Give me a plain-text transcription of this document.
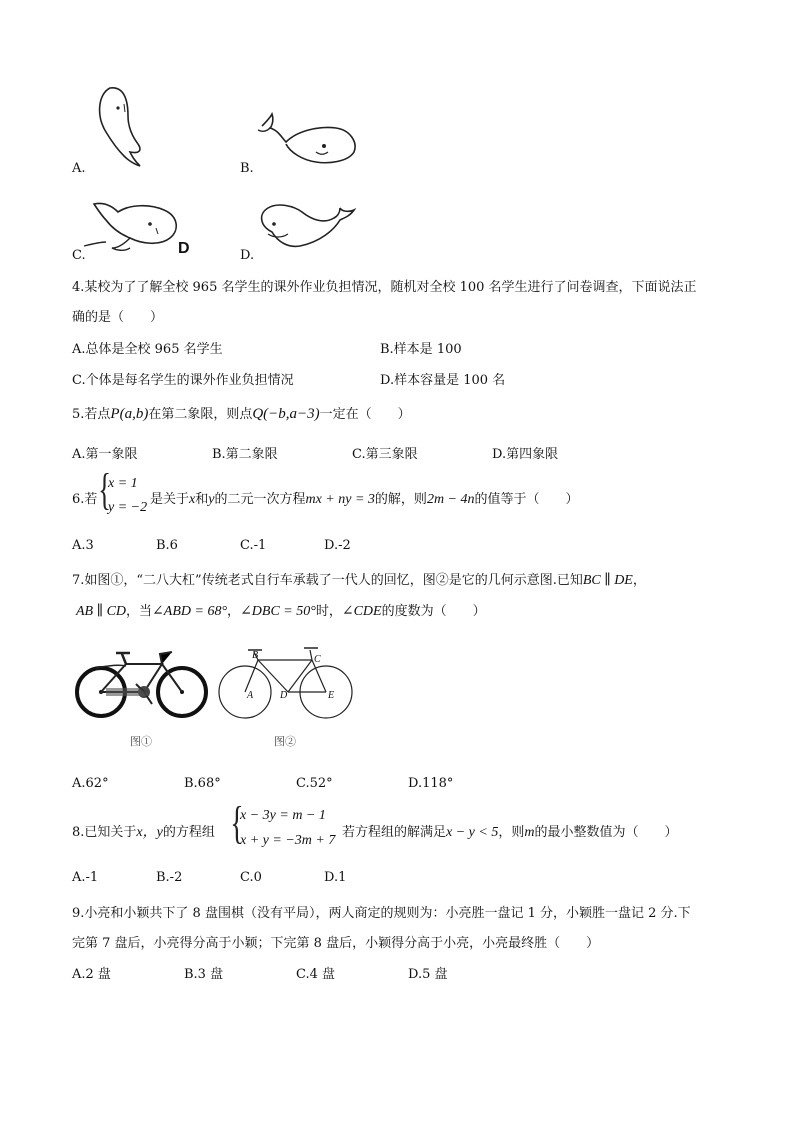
A.	B.
D
C.	D.
4.某校为了了解全校 965 名学生的课外作业负担情况，随机对全校 100 名学生进行了问卷调查，下面说法正
确的是（　　）
A.总体是全校 965 名学生	B.样本是 100
C.个体是每名学生的课外作业负担情况	D.样本容量是 100 名
5.若点P(a,b)在第二象限，则点Q(−b,a−3)一定在（　　）
A.第一象限	B.第二象限	C.第三象限	D.第四象限
6.若 {
x = 1
y = −2
是关于x和y的二元一次方程mx + ny = 3的解，则2m − 4n的值等于（　　）
A.3	B.6	C.-1	D.-2
7.如图①，“二八大杠”传统老式自行车承载了一代人的回忆，图②是它的几何示意图.已知BC ∥ DE，
AB ∥ CD，当∠ABD = 68°，∠DBC = 50°时，∠CDE的度数为（　　）
图①
B	C
A	D	E
图②
A.62°	B.68°	C.52°	D.118°
8.已知关于x，y的方程组 {
x − 3y = m − 1
x + y = −3m + 7
若方程组的解满足x − y < 5，则m的最小整数值为（　　）
A.-1	B.-2	C.0	D.1
9.小亮和小颖共下了 8 盘围棋（没有平局），两人商定的规则为：小亮胜一盘记 1 分，小颖胜一盘记 2 分.下
完第 7 盘后，小亮得分高于小颖；下完第 8 盘后，小颖得分高于小亮，小亮最终胜（　　）
A.2 盘	B.3 盘	C.4 盘	D.5 盘
